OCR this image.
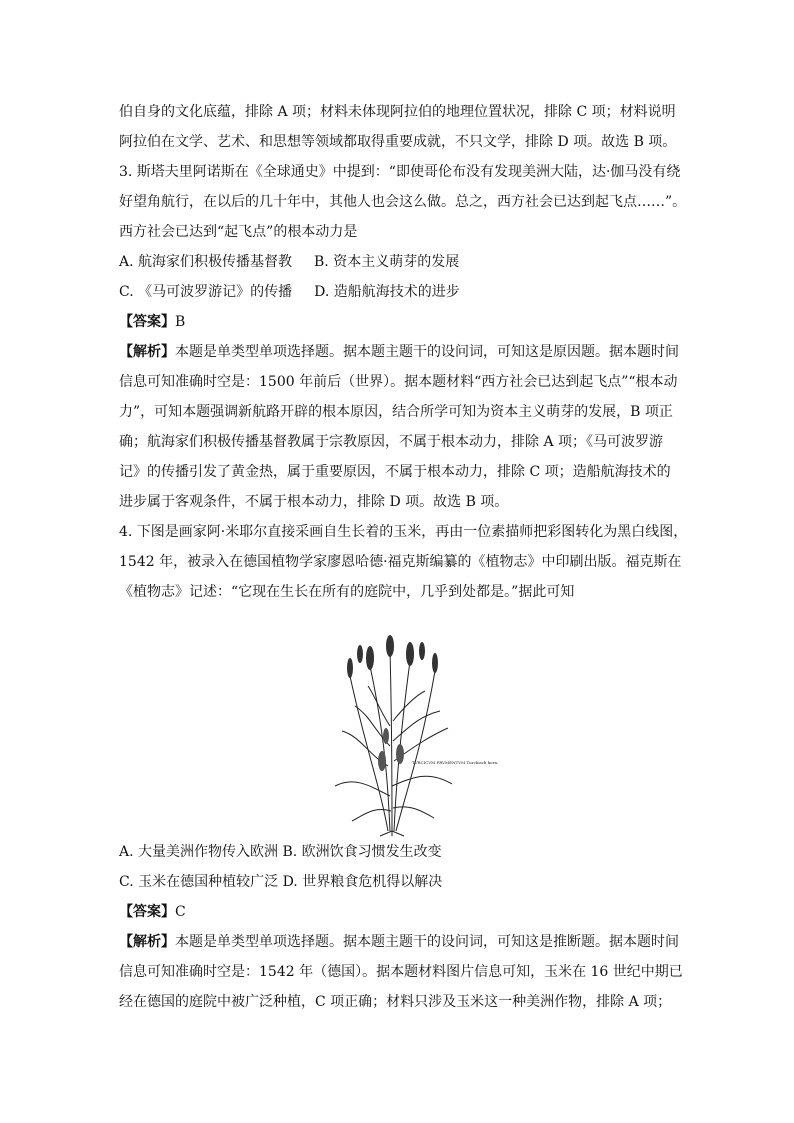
伯自身的文化底蕴，排除 A 项；材料未体现阿拉伯的地理位置状况，排除 C 项；材料说明
阿拉伯在文学、艺术、和思想等领域都取得重要成就，不只文学，排除 D 项。故选 B 项。
3. 斯塔夫里阿诺斯在《全球通史》中提到：“即使哥伦布没有发现美洲大陆，达·伽马没有绕
好望角航行，在以后的几十年中，其他人也会这么做。总之，西方社会已达到起飞点……”。
西方社会已达到“起飞点”的根本动力是
A. 航海家们积极传播基督教 B. 资本主义萌芽的发展
C. 《马可波罗游记》的传播 D. 造船航海技术的进步
【答案】B
【解析】本题是单类型单项选择题。据本题主题干的设问词，可知这是原因题。据本题时间
信息可知准确时空是：1500 年前后（世界）。据本题材料“西方社会已达到起飞点”“根本动
力”，可知本题强调新航路开辟的根本原因，结合所学可知为资本主义萌芽的发展，B 项正
确；航海家们积极传播基督教属于宗教原因，不属于根本动力，排除 A 项；《马可波罗游
记》的传播引发了黄金热，属于重要原因，不属于根本动力，排除 C 项；造船航海技术的
进步属于客观条件，不属于根本动力，排除 D 项。故选 B 项。
4. 下图是画家阿·米耶尔直接采画自生长着的玉米，再由一位素描师把彩图转化为黑白线图，
1542 年，被录入在德国植物学家廖恩哈德·福克斯编纂的《植物志》中印刷出版。福克斯在
《植物志》记述：“它现在生长在所有的庭院中，几乎到处都是。”据此可知
TVRCICVM FRVMENTVM Turckisch korn.
A. 大量美洲作物传入欧洲 B. 欧洲饮食习惯发生改变
C. 玉米在德国种植较广泛 D. 世界粮食危机得以解决
【答案】C
【解析】本题是单类型单项选择题。据本题主题干的设问词，可知这是推断题。据本题时间
信息可知准确时空是：1542 年（德国）。据本题材料图片信息可知，玉米在 16 世纪中期已
经在德国的庭院中被广泛种植，C 项正确；材料只涉及玉米这一种美洲作物，排除 A 项；
